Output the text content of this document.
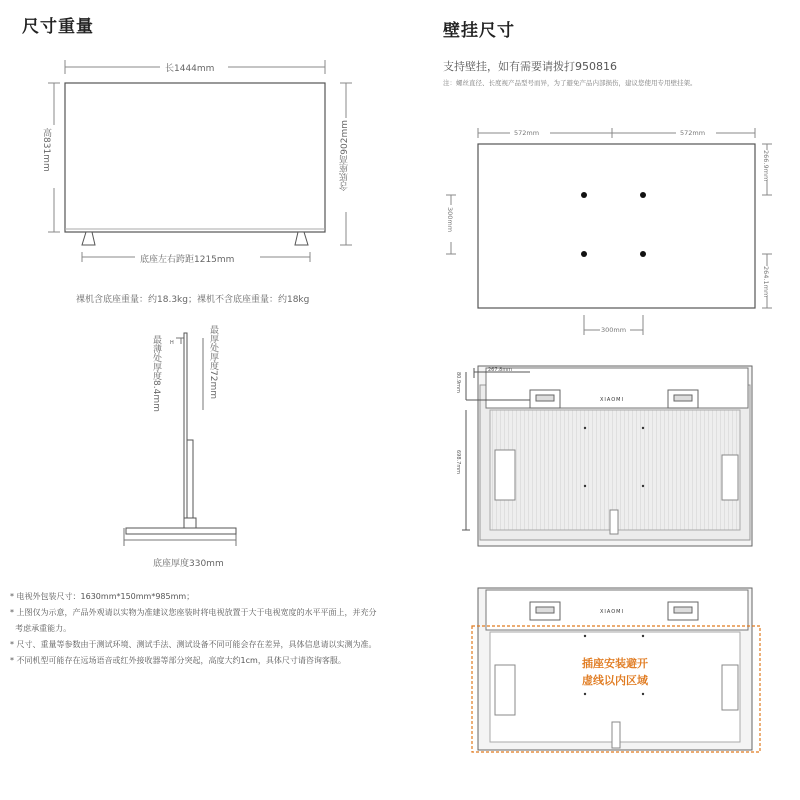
尺寸重量	壁挂尺寸
支持壁挂，如有需要请拨打950816
注：螺丝直径、长度视产品型号而异，为了避免产品内部损伤，建议您使用专用壁挂架。
长1444mm
高831mm	含底座高902mm
底座左右跨距1215mm
裸机含底座重量：约18.3kg；裸机不含底座重量：约18kg
H
最薄处厚度8.4mm	最厚处厚度72mm
底座厚度330mm
572mm	572mm
266.9mm
264.1mm
300mm
300mm
267.8mm
80.9mm
698.7mm
XIAOMI
XIAOMI
插座安装避开
虚线以内区域
* 电视外包装尺寸：1630mm*150mm*985mm；
* 上图仅为示意，产品外观请以实物为准建议您座装时将电视放置于大于电视宽度的水平平面上，并充分
考虑承重能力。
* 尺寸、重量等参数由于测试环境、测试手法、测试设备不同可能会存在差异，具体信息请以实测为准。
* 不同机型可能存在远场语音或红外接收器等部分突起，高度大约1cm，具体尺寸请咨询客服。
